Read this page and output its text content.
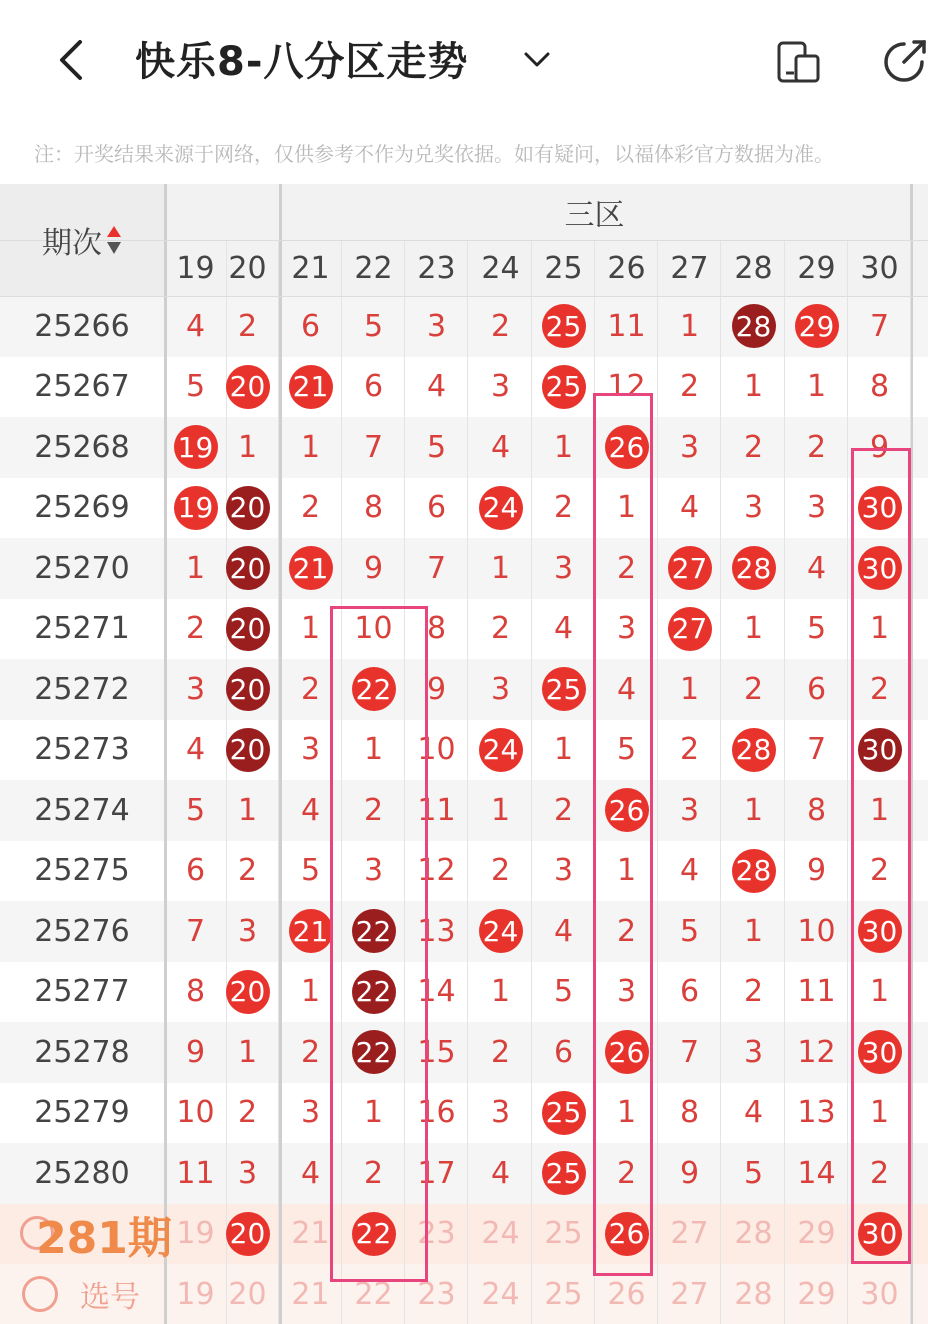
快乐8-八分区走势
注：开奖结果来源于网络，仅供参考不作为兑奖依据。如有疑问，以福体彩官方数据为准。
期次
三区
19 20 21 22 23 24 25 26 27 28 29 30
25266 4 2 6 5 3 2 25 11 1 28 29 7
25267 5 20 21 6 4 3 25 12 2 1 1 8
25268 19 1 1 7 5 4 1 26 3 2 2 9
25269 19 20 2 8 6 24 2 1 4 3 3 30
25270 1 20 21 9 7 1 3 2 27 28 4 30
25271 2 20 1 10 8 2 4 3 27 1 5 1
25272 3 20 2 22 9 3 25 4 1 2 6 2
25273 4 20 3 1 10 24 1 5 2 28 7 30
25274 5 1 4 2 11 1 2 26 3 1 8 1
25275 6 2 5 3 12 2 3 1 4 28 9 2
25276 7 3 21 22 13 24 4 2 5 1 10 30
25277 8 20 1 22 14 1 5 3 6 2 11 1
25278 9 1 2 22 15 2 6 26 7 3 12 30
25279 10 2 3 1 16 3 25 1 8 4 13 1
25280 11 3 4 2 17 4 25 2 9 5 14 2
281期 19 20 21 22 23 24 25 26 27 28 29 30
选号 19 20 21 22 23 24 25 26 27 28 29 30
